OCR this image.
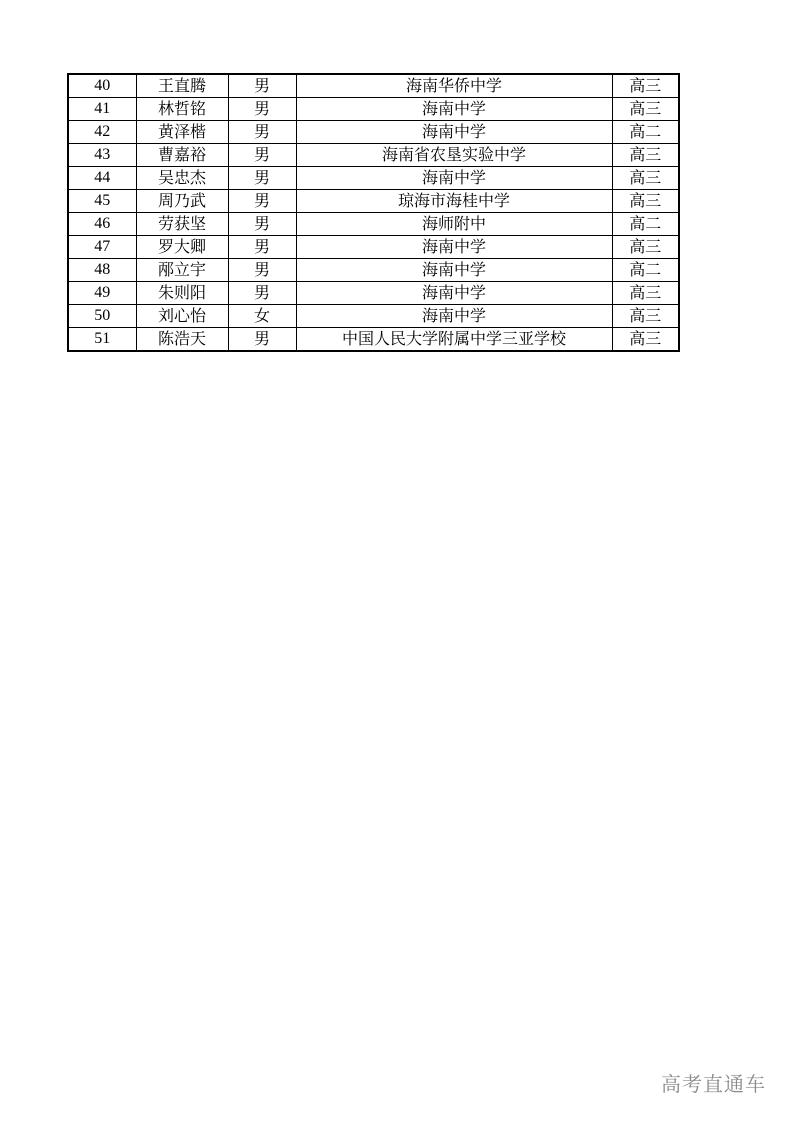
40	王直腾	男	海南华侨中学	高三
41	林哲铭	男	海南中学	高三
42	黄泽楷	男	海南中学	高二
43	曹嘉裕	男	海南省农垦实验中学	高三
44	吴忠杰	男	海南中学	高三
45	周乃武	男	琼海市海桂中学	高三
46	劳获坚	男	海师附中	高二
47	罗大卿	男	海南中学	高三
48	邴立宇	男	海南中学	高二
49	朱则阳	男	海南中学	高三
50	刘心怡	女	海南中学	高三
51	陈浩天	男	中国人民大学附属中学三亚学校	高三
高考直通车
